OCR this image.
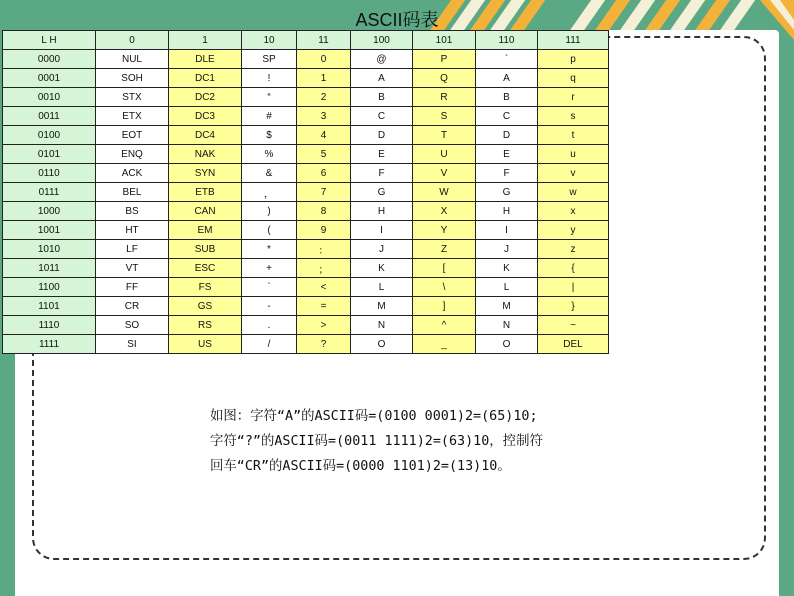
ASCII码表
L H	0	1	10	11	100	101	110	111
0000	NUL	DLE	SP	0	@	P	`	p
0001	SOH	DC1	!	1	A	Q	A	q
0010	STX	DC2	“	2	B	R	B	r
0011	ETX	DC3	#	3	C	S	C	s
0100	EOT	DC4	$	4	D	T	D	t
0101	ENQ	NAK	%	5	E	U	E	u
0110	ACK	SYN	&	6	F	V	F	v
0111	BEL	ETB	，	7	G	W	G	w
1000	BS	CAN	)	8	H	X	H	x
1001	HT	EM	(	9	I	Y	I	y
1010	LF	SUB	*	：	J	Z	J	z
1011	VT	ESC	+	；	K	[	K	{
1100	FF	FS	`	<	L	\	L	|
1101	CR	GS	-	=	M	]	M	}
1110	SO	RS	.	>	N	^	N	~
1111	SI	US	/	?	O	_	O	DEL
如图：字符“A”的ASCII码=(0100 0001)2=(65)10;
字符“?”的ASCII码=(0011 1111)2=(63)10，控制符
回车“CR”的ASCII码=(0000 1101)2=(13)10。
